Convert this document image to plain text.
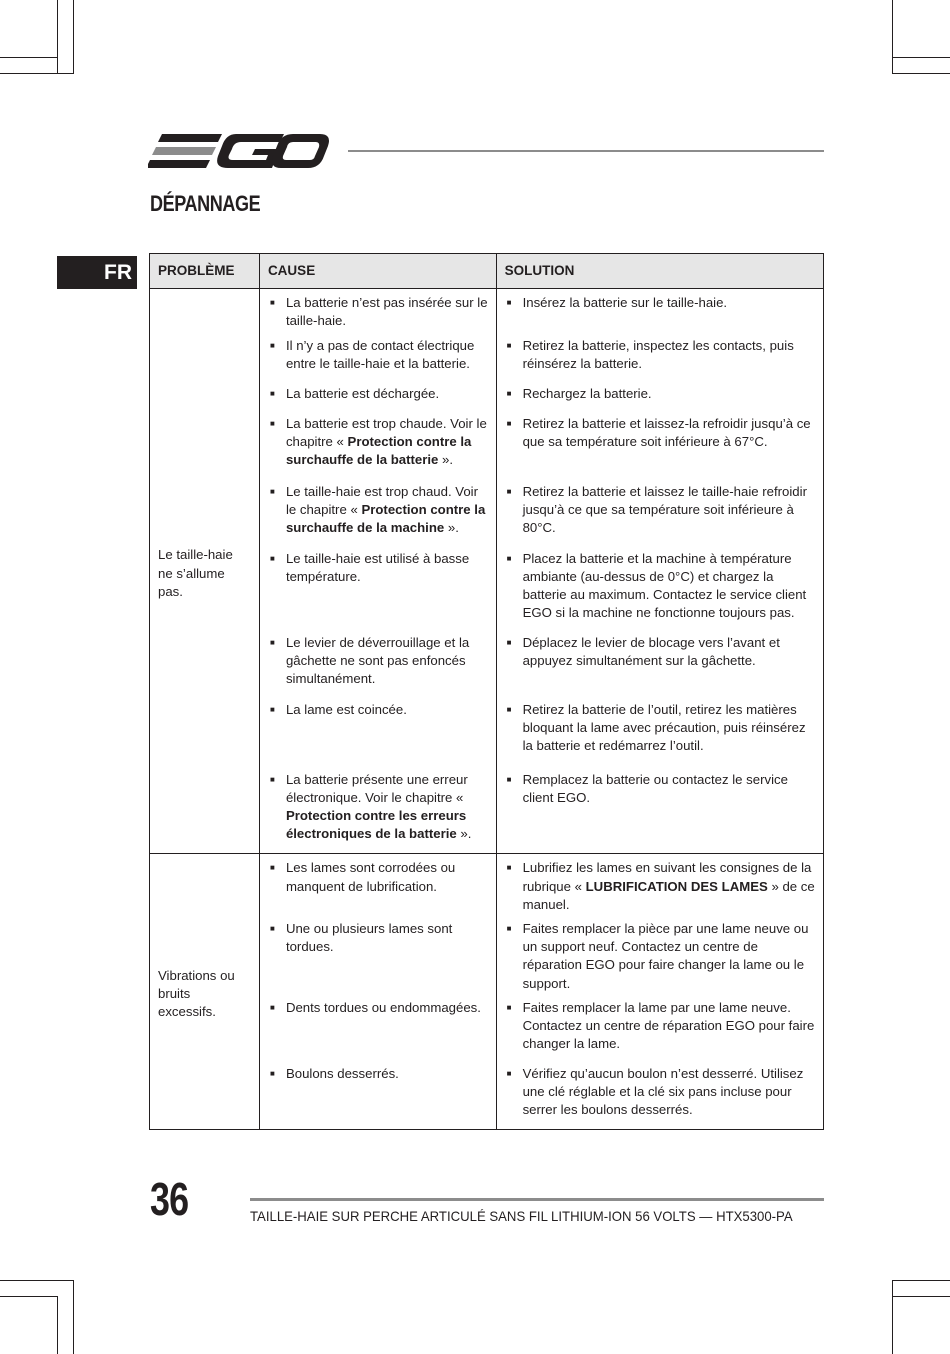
DÉPANNAGE
FR	PROBLÈME	CAUSE	SOLUTION
Le taille-haie ne s’allume pas.	■ La batterie n’est pas insérée sur le taille-haie.	■ Insérez la batterie sur le taille-haie.

	■ Il n’y a pas de contact électrique entre le taille-haie et la batterie.	■ Retirez la batterie, inspectez les contacts, puis réinsérez la batterie.

	■ La batterie est déchargée.	■ Rechargez la batterie.

	■ La batterie est trop chaude. Voir le chapitre « Protection contre la surchauffe de la batterie ».	■ Retirez la batterie et laissez-la refroidir jusqu’à ce que sa température soit inférieure à 67°C.

	■ Le taille-haie est trop chaud. Voir le chapitre « Protection contre la surchauffe de la machine ».	■ Retirez la batterie et laissez le taille-haie refroidir jusqu’à ce que sa température soit inférieure à 80°C.

	■ Le taille-haie est utilisé à basse température.	■ Placez la batterie et la machine à température ambiante (au-dessus de 0°C) et chargez la batterie au maximum. Contactez le service client EGO si la machine ne fonctionne toujours pas.

	■ Le levier de déverrouillage et la gâchette ne sont pas enfoncés simultanément.	■ Déplacez le levier de blocage vers l’avant et appuyez simultanément sur la gâchette.

	■ La lame est coincée.	■ Retirez la batterie de l’outil, retirez les matières bloquant la lame avec précaution, puis réinsérez la batterie et redémarrez l’outil.

	■ La batterie présente une erreur électronique. Voir le chapitre « Protection contre les erreurs électroniques de la batterie ».	■ Remplacez la batterie ou contactez le service client EGO.

Vibrations ou bruits excessifs.	■ Les lames sont corrodées ou manquent de lubrification.	■ Lubrifiez les lames en suivant les consignes de la rubrique « LUBRIFICATION DES LAMES » de ce manuel.

	■ Une ou plusieurs lames sont tordues.	■ Faites remplacer la pièce par une lame neuve ou un support neuf. Contactez un centre de réparation EGO pour faire changer la lame ou le support.

	■ Dents tordues ou endommagées.	■ Faites remplacer la lame par une lame neuve. Contactez un centre de réparation EGO pour faire changer la lame.

	■ Boulons desserrés.	■ Vérifiez qu’aucun boulon n’est desserré. Utilisez une clé réglable et la clé six pans incluse pour serrer les boulons desserrés.
36	TAILLE-HAIE SUR PERCHE ARTICULÉ SANS FIL LITHIUM-ION 56 VOLTS — HTX5300-PA
